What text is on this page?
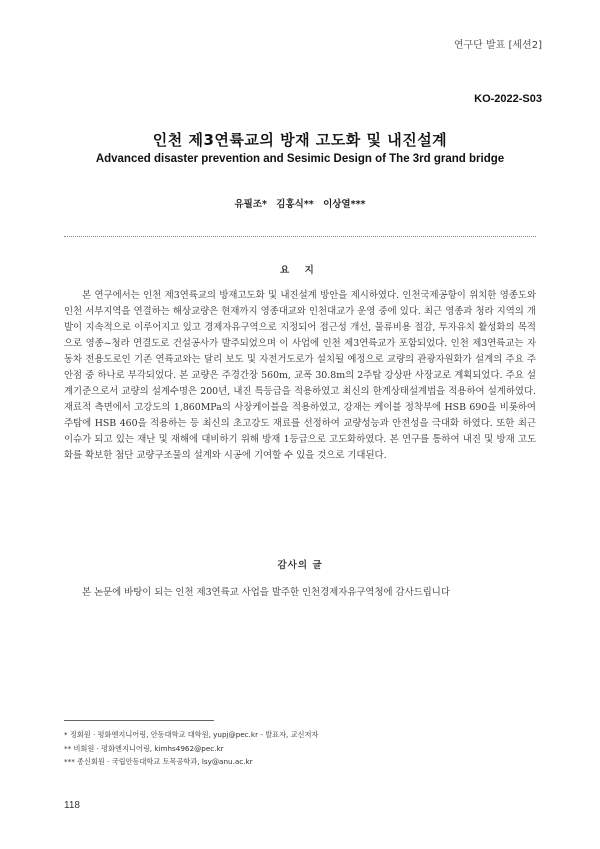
연구단 발표 [세션2]
KO-2022-S03
인천 제3연륙교의 방재 고도화 및 내진설계
Advanced disaster prevention and Sesimic Design of The 3rd grand bridge
유필조* 김홍식** 이상열***
요 지

본 연구에서는 인천 제3연륙교의 방재고도화 및 내진설계 방안을 제시하였다. 인천국제공항이 위치한 영종도와 인천 서부지역을 연결하는 해상교량은 현재까지 영종대교와 인천대교가 운영 중에 있다. 최근 영종과 청라 지역의 개발이 지속적으로 이루어지고 있고 경제자유구역으로 지정되어 접근성 개선, 물류비용 절감, 투자유치 활성화의 목적으로 영종~청라 연결도로 건설공사가 발주되었으며 이 사업에 인천 제3연륙교가 포함되었다. 인천 제3연륙교는 자동차 전용도로인 기존 연륙교와는 달리 보도 및 자전거도로가 설치될 예정으로 교량의 관광자원화가 설계의 주요 주안점 중 하나로 부각되었다. 본 교량은 주경간장 560m, 교폭 30.8m의 2주탑 강상판 사장교로 계획되었다. 주요 설계기준으로서 교량의 설계수명은 200년, 내진 특등급을 적용하였고 최신의 한계상태설계법을 적용하여 설계하였다. 재료적 측면에서 고강도의 1,860MPa의 사장케이블을 적용하였고, 강재는 케이블 정착부에 HSB 690을 비롯하여 주탑에 HSB 460을 적용하는 등 최신의 초고강도 재료를 선정하여 교량성능과 안전성을 극대화 하였다. 또한 최근 이슈가 되고 있는 재난 및 재해에 대비하기 위해 방재 1등급으로 고도화하였다. 본 연구를 통하여 내진 및 방재 고도화를 확보한 첨단 교량구조물의 설계와 시공에 기여할 수 있을 것으로 기대된다.

감사의 글

본 논문에 바탕이 되는 인천 제3연륙교 사업을 발주한 인천경제자유구역청에 감사드립니다

* 정회원 · 평화엔지니어링, 안동대학교 대학원, yupj@pec.kr - 발표자, 교신저자
** 비회원 · 평화엔지니어링, kimhs4962@pec.kr
*** 종신회원 · 국립안동대학교 토목공학과, lsy@anu.ac.kr
118
